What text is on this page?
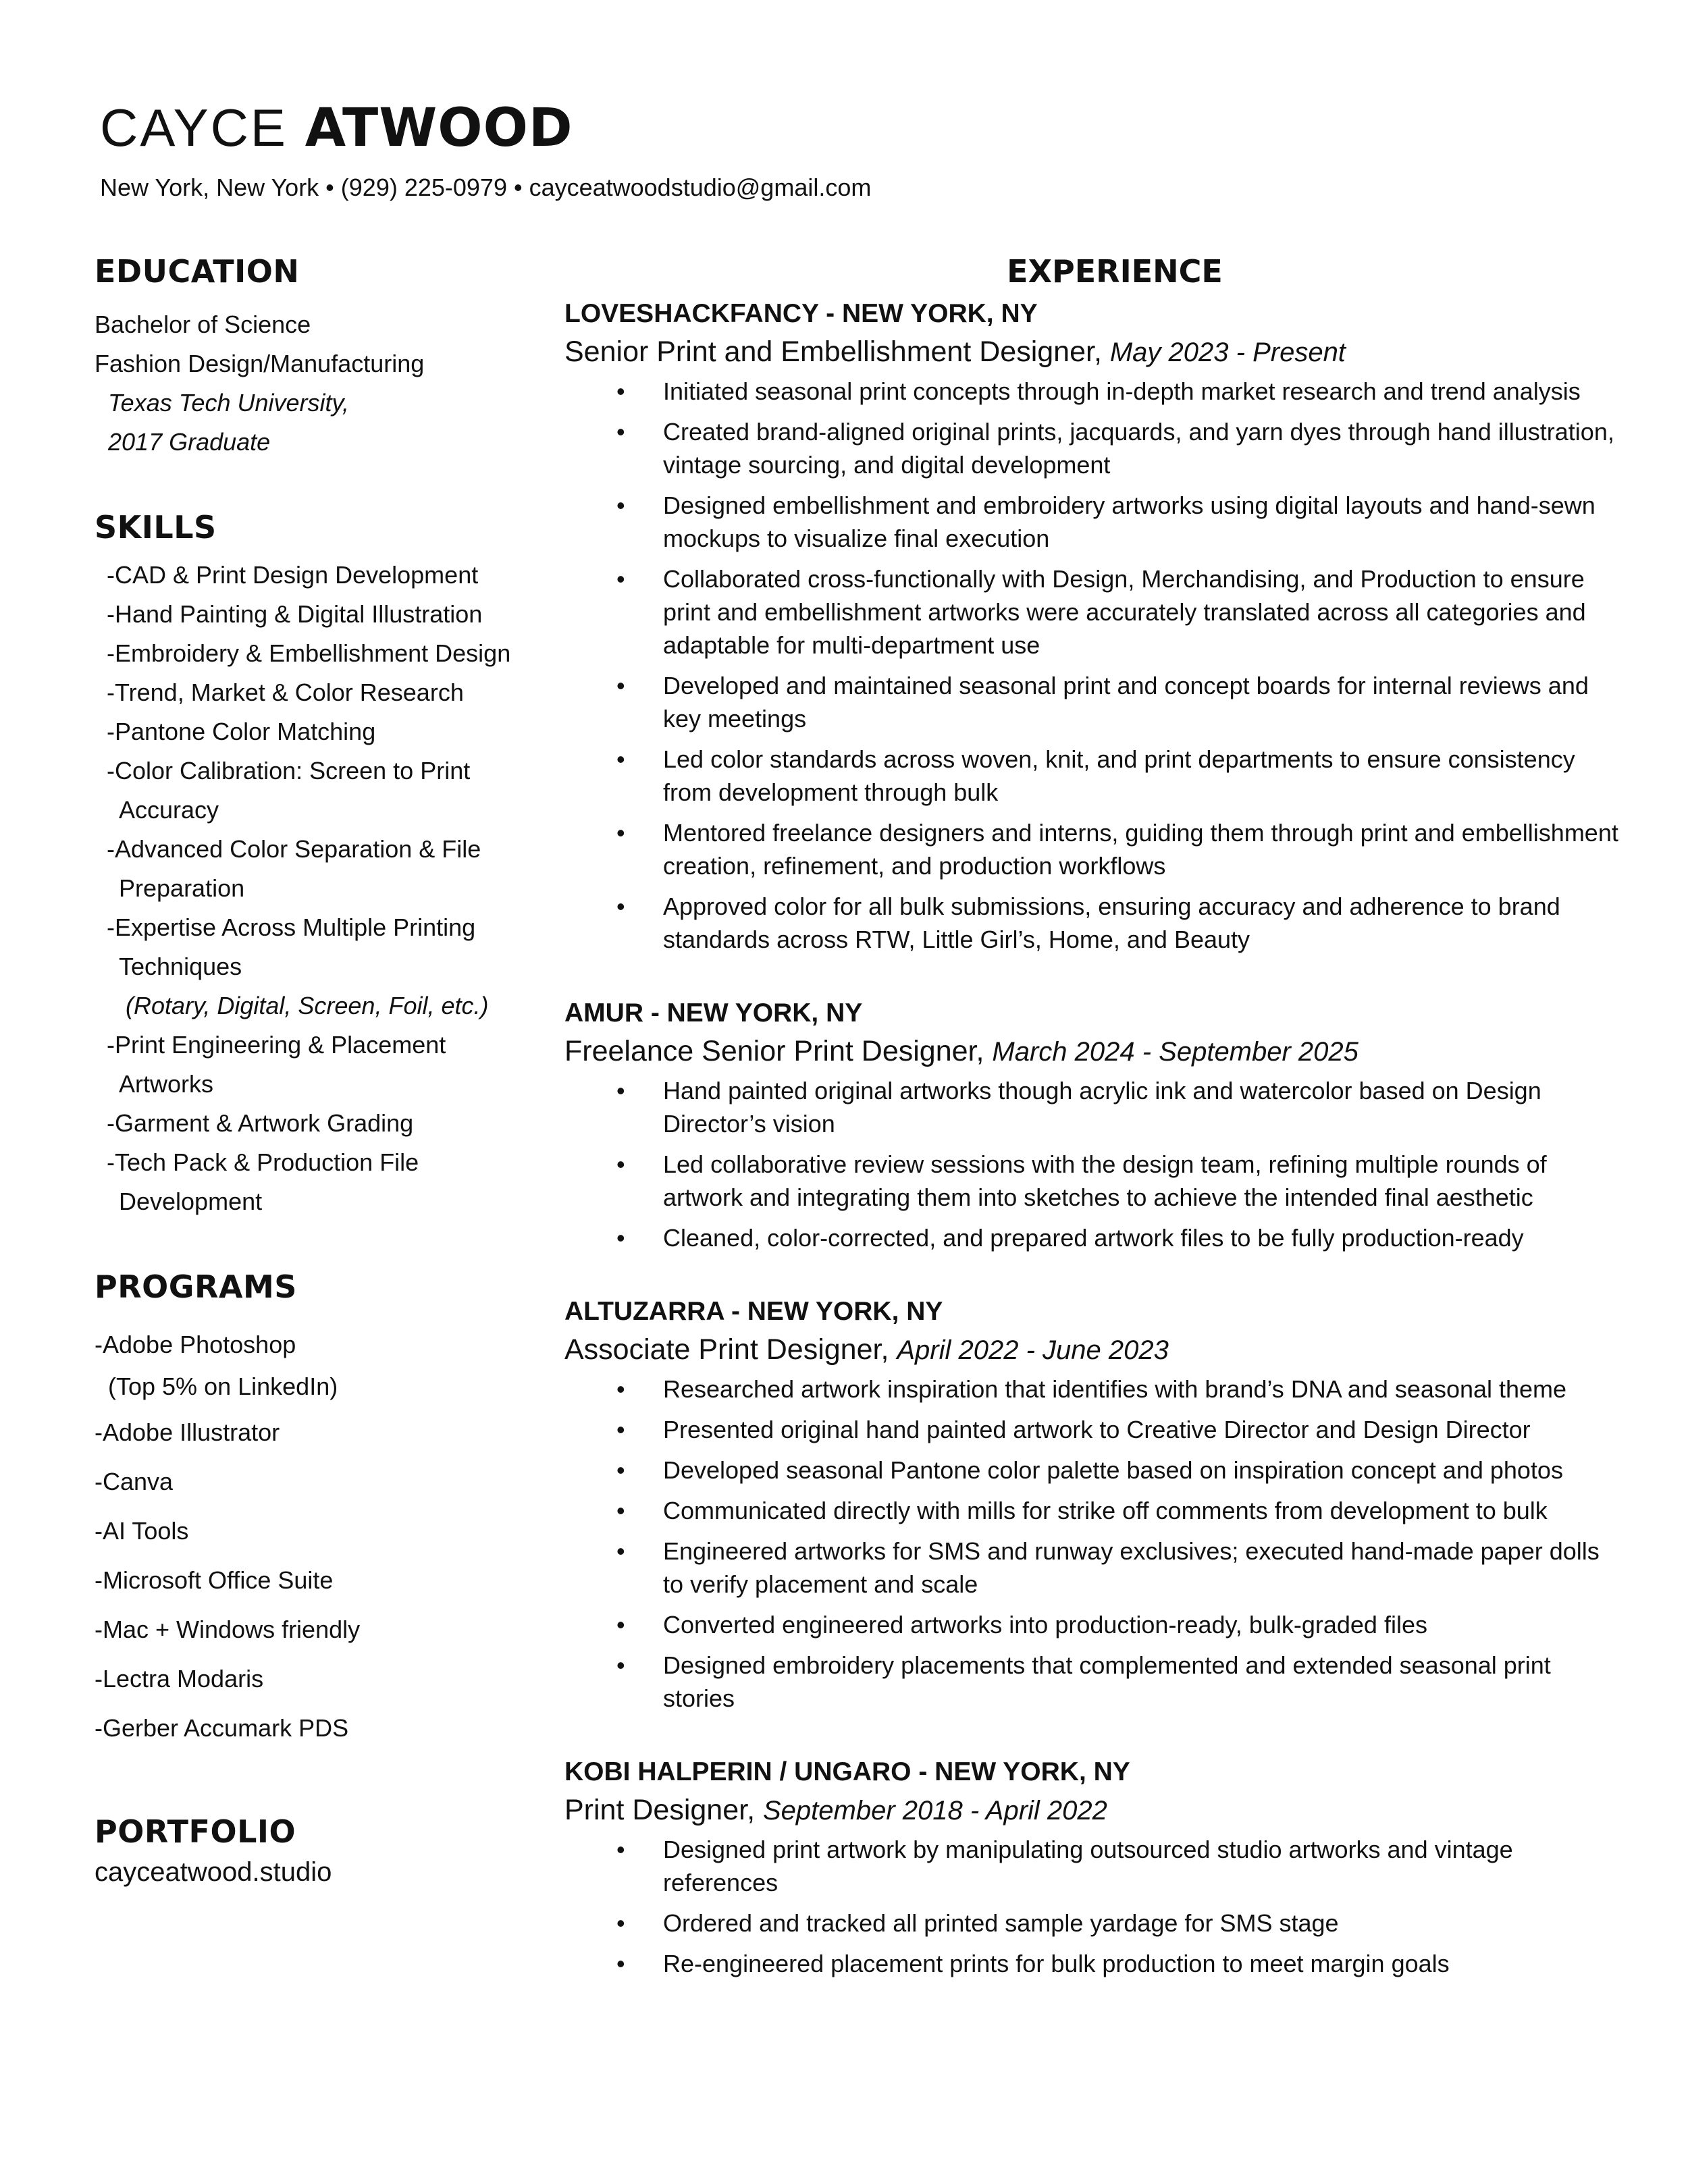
CAYCE ATWOOD
New York, New York • (929) 225-0979 • cayceatwoodstudio@gmail.com
EDUCATION
Bachelor of Science
Fashion Design/Manufacturing
Texas Tech University,
2017 Graduate
SKILLS
-CAD & Print Design Development
-Hand Painting & Digital Illustration
-Embroidery & Embellishment Design
-Trend, Market & Color Research
-Pantone Color Matching
-Color Calibration: Screen to Print Accuracy
-Advanced Color Separation & File Preparation
-Expertise Across Multiple Printing Techniques
(Rotary, Digital, Screen, Foil, etc.)
-Print Engineering & Placement Artworks
-Garment & Artwork Grading
-Tech Pack & Production File Development
PROGRAMS
-Adobe Photoshop
(Top 5% on LinkedIn)
-Adobe Illustrator
-Canva
-AI Tools
-Microsoft Office Suite
-Mac + Windows friendly
-Lectra Modaris
-Gerber Accumark PDS
PORTFOLIO
cayceatwood.studio
EXPERIENCE
LOVESHACKFANCY - NEW YORK, NY
Senior Print and Embellishment Designer, May 2023 - Present
• Initiated seasonal print concepts through in-depth market research and trend analysis
• Created brand-aligned original prints, jacquards, and yarn dyes through hand illustration, vintage sourcing, and digital development
• Designed embellishment and embroidery artworks using digital layouts and hand-sewn mockups to visualize final execution
• Collaborated cross-functionally with Design, Merchandising, and Production to ensure print and embellishment artworks were accurately translated across all categories and adaptable for multi-department use
• Developed and maintained seasonal print and concept boards for internal reviews and key meetings
• Led color standards across woven, knit, and print departments to ensure consistency from development through bulk
• Mentored freelance designers and interns, guiding them through print and embellishment creation, refinement, and production workflows
• Approved color for all bulk submissions, ensuring accuracy and adherence to brand standards across RTW, Little Girl’s, Home, and Beauty
AMUR - NEW YORK, NY
Freelance Senior Print Designer, March 2024 - September 2025
• Hand painted original artworks though acrylic ink and watercolor based on Design Director’s vision
• Led collaborative review sessions with the design team, refining multiple rounds of artwork and integrating them into sketches to achieve the intended final aesthetic
• Cleaned, color-corrected, and prepared artwork files to be fully production-ready
ALTUZARRA - NEW YORK, NY
Associate Print Designer, April 2022 - June 2023
• Researched artwork inspiration that identifies with brand’s DNA and seasonal theme
• Presented original hand painted artwork to Creative Director and Design Director
• Developed seasonal Pantone color palette based on inspiration concept and photos
• Communicated directly with mills for strike off comments from development to bulk
• Engineered artworks for SMS and runway exclusives; executed hand-made paper dolls to verify placement and scale
• Converted engineered artworks into production-ready, bulk-graded files
• Designed embroidery placements that complemented and extended seasonal print stories
KOBI HALPERIN / UNGARO - NEW YORK, NY
Print Designer, September 2018 - April 2022
• Designed print artwork by manipulating outsourced studio artworks and vintage references
• Ordered and tracked all printed sample yardage for SMS stage
• Re-engineered placement prints for bulk production to meet margin goals
